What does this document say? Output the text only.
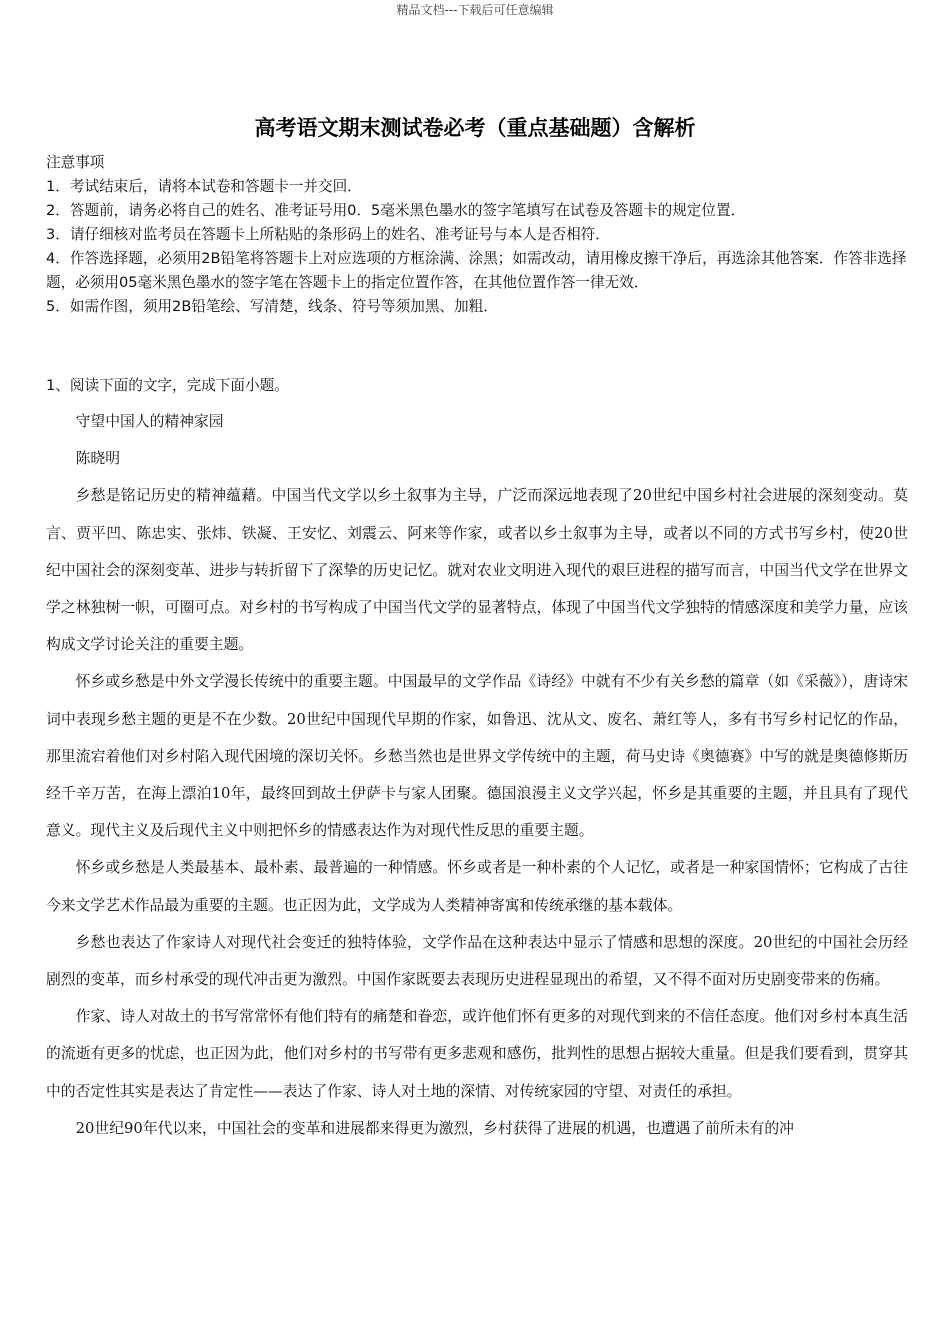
精品文档---下载后可任意编辑
高考语文期末测试卷必考（重点基础题）含解析

注意事项

1．考试结束后，请将本试卷和答题卡一并交回．

2．答题前，请务必将自己的姓名、准考证号用0．5毫米黑色墨水的签字笔填写在试卷及答题卡的规定位置．

3．请仔细核对监考员在答题卡上所粘贴的条形码上的姓名、准考证号与本人是否相符．

4．作答选择题，必须用2B铅笔将答题卡上对应选项的方框涂满、涂黑；如需改动，请用橡皮擦干净后，再选涂其他答案．作答非选择题，必须用05毫米黑色墨水的签字笔在答题卡上的指定位置作答，在其他位置作答一律无效．

5．如需作图，须用2B铅笔绘、写清楚，线条、符号等须加黑、加粗．

1、阅读下面的文字，完成下面小题。

守望中国人的精神家园

陈晓明

乡愁是铭记历史的精神蕴藉。中国当代文学以乡土叙事为主导，广泛而深远地表现了20世纪中国乡村社会进展的深刻变动。莫言、贾平凹、陈忠实、张炜、铁凝、王安忆、刘震云、阿来等作家，或者以乡土叙事为主导，或者以不同的方式书写乡村，使20世纪中国社会的深刻变革、进步与转折留下了深挚的历史记忆。就对农业文明进入现代的艰巨进程的描写而言，中国当代文学在世界文学之林独树一帜，可圈可点。对乡村的书写构成了中国当代文学的显著特点，体现了中国当代文学独特的情感深度和美学力量，应该构成文学讨论关注的重要主题。

怀乡或乡愁是中外文学漫长传统中的重要主题。中国最早的文学作品《诗经》中就有不少有关乡愁的篇章（如《采薇》），唐诗宋词中表现乡愁主题的更是不在少数。20世纪中国现代早期的作家，如鲁迅、沈从文、废名、萧红等人，多有书写乡村记忆的作品，那里流宕着他们对乡村陷入现代困境的深切关怀。乡愁当然也是世界文学传统中的主题，荷马史诗《奥德赛》中写的就是奥德修斯历经千辛万苦，在海上漂泊10年，最终回到故土伊萨卡与家人团聚。德国浪漫主义文学兴起，怀乡是其重要的主题，并且具有了现代意义。现代主义及后现代主义中则把怀乡的情感表达作为对现代性反思的重要主题。

怀乡或乡愁是人类最基本、最朴素、最普遍的一种情感。怀乡或者是一种朴素的个人记忆，或者是一种家国情怀；它构成了古往今来文学艺术作品最为重要的主题。也正因为此，文学成为人类精神寄寓和传统承继的基本载体。

乡愁也表达了作家诗人对现代社会变迁的独特体验，文学作品在这种表达中显示了情感和思想的深度。20世纪的中国社会历经剧烈的变革，而乡村承受的现代冲击更为激烈。中国作家既要去表现历史进程显现出的希望，又不得不面对历史剧变带来的伤痛。

作家、诗人对故土的书写常常怀有他们特有的痛楚和眷恋，或许他们怀有更多的对现代到来的不信任态度。他们对乡村本真生活的流逝有更多的忧虑，也正因为此，他们对乡村的书写带有更多悲观和感伤，批判性的思想占据较大重量。但是我们要看到，贯穿其中的否定性其实是表达了肯定性——表达了作家、诗人对土地的深情、对传统家园的守望、对责任的承担。

20世纪90年代以来，中国社会的变革和进展都来得更为激烈，乡村获得了进展的机遇，也遭遇了前所未有的冲
